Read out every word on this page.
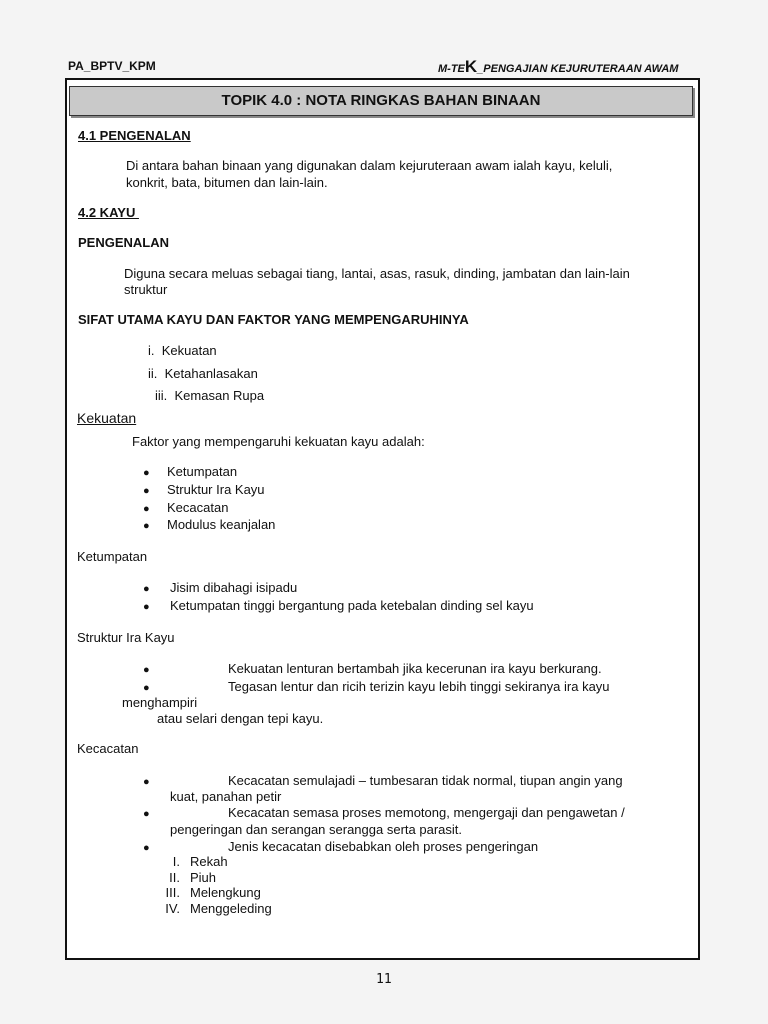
PA_BPTV_KPM	M-TEK_PENGAJIAN KEJURUTERAAN AWAM
TOPIK 4.0 : NOTA RINGKAS BAHAN BINAAN
4.1 PENGENALAN
Di antara bahan binaan yang digunakan dalam kejuruteraan awam ialah kayu, keluli,
konkrit, bata, bitumen dan lain-lain.
4.2 KAYU
PENGENALAN
Diguna secara meluas sebagai tiang, lantai, asas, rasuk, dinding, jambatan dan lain-lain
struktur
SIFAT UTAMA KAYU DAN FAKTOR YANG MEMPENGARUHINYA
i. Kekuatan
ii. Ketahanlasakan
iii. Kemasan Rupa
Kekuatan
Faktor yang mempengaruhi kekuatan kayu adalah:
● Ketumpatan
● Struktur Ira Kayu
● Kecacatan
● Modulus keanjalan
Ketumpatan
● Jisim dibahagi isipadu
● Ketumpatan tinggi bergantung pada ketebalan dinding sel kayu
Struktur Ira Kayu
●	Kekuatan lenturan bertambah jika kecerunan ira kayu berkurang.
●	Tegasan lentur dan ricih terizin kayu lebih tinggi sekiranya ira kayu
menghampiri
atau selari dengan tepi kayu.
Kecacatan
●	Kecacatan semulajadi – tumbesaran tidak normal, tiupan angin yang
kuat, panahan petir
●	Kecacatan semasa proses memotong, mengergaji dan pengawetan /
pengeringan dan serangan serangga serta parasit.
●	Jenis kecacatan disebabkan oleh proses pengeringan
I. Rekah
II. Piuh
III. Melengkung
IV. Menggeleding
11
